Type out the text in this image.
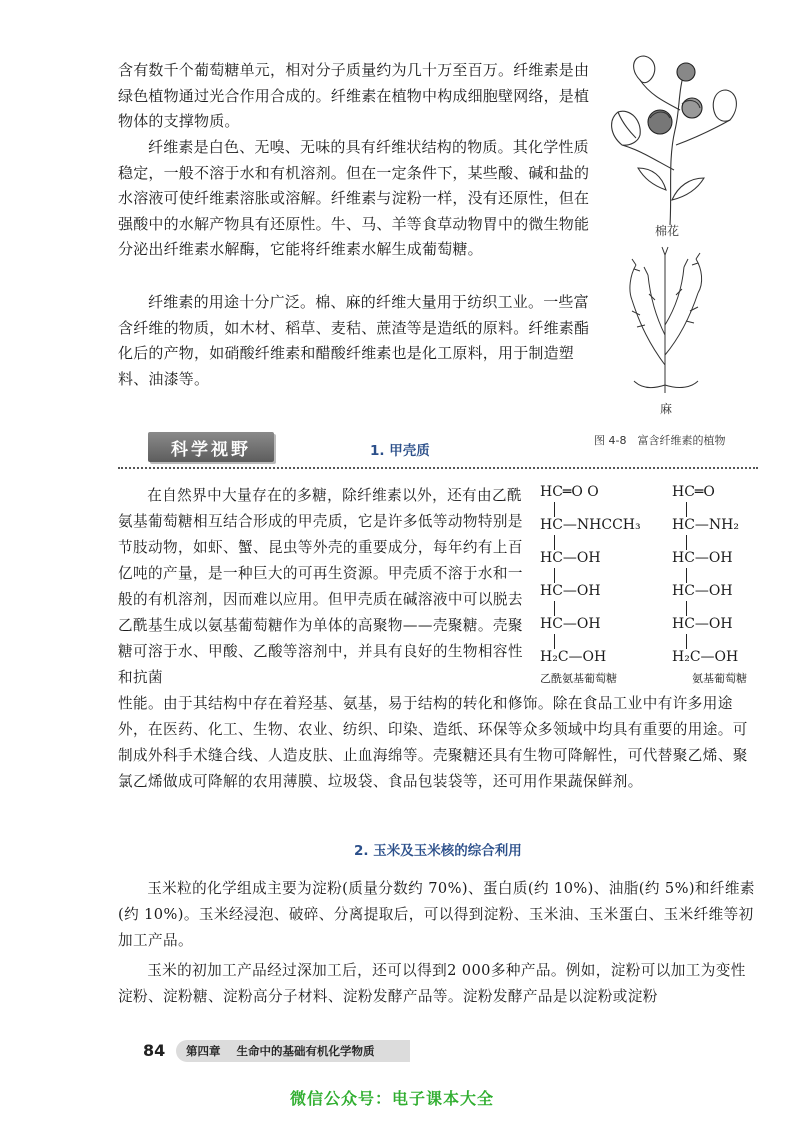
含有数千个葡萄糖单元，相对分子质量约为几十万至百万。纤维素是由绿色植物通过光合作用合成的。纤维素在植物中构成细胞壁网络，是植物体的支撑物质。
纤维素是白色、无嗅、无味的具有纤维状结构的物质。其化学性质稳定，一般不溶于水和有机溶剂。但在一定条件下，某些酸、碱和盐的水溶液可使纤维素溶胀或溶解。纤维素与淀粉一样，没有还原性，但在强酸中的水解产物具有还原性。牛、马、羊等食草动物胃中的微生物能分泌出纤维素水解酶，它能将纤维素水解生成葡萄糖。
纤维素的用途十分广泛。棉、麻的纤维大量用于纺织工业。一些富含纤维的物质，如木材、稻草、麦秸、蔗渣等是造纸的原料。纤维素酯化后的产物，如硝酸纤维素和醋酸纤维素也是化工原料，用于制造塑料、油漆等。
棉花
麻
图 4-8　富含纤维素的植物
科学视野	1. 甲壳质
在自然界中大量存在的多糖，除纤维素以外，还有由乙酰氨基葡萄糖相互结合形成的甲壳质，它是许多低等动物特别是节肢动物，如虾、蟹、昆虫等外壳的重要成分，每年约有上百亿吨的产量，是一种巨大的可再生资源。甲壳质不溶于水和一般的有机溶剂，因而难以应用。但甲壳质在碱溶液中可以脱去乙酰基生成以氨基葡萄糖作为单体的高聚物——壳聚糖。壳聚糖可溶于水、甲酸、乙酸等溶剂中，并具有良好的生物相容性和抗菌
HC═O O
HC—NHCCH₃
HC—OH
HC—OH
HC—OH
H₂C—OH
乙酰氨基葡萄糖
HC═O
HC—NH₂
HC—OH
HC—OH
HC—OH
H₂C—OH
氨基葡萄糖
性能。由于其结构中存在着羟基、氨基，易于结构的转化和修饰。除在食品工业中有许多用途外，在医药、化工、生物、农业、纺织、印染、造纸、环保等众多领域中均具有重要的用途。可制成外科手术缝合线、人造皮肤、止血海绵等。壳聚糖还具有生物可降解性，可代替聚乙烯、聚氯乙烯做成可降解的农用薄膜、垃圾袋、食品包装袋等，还可用作果蔬保鲜剂。
2. 玉米及玉米核的综合利用
玉米粒的化学组成主要为淀粉(质量分数约 70%)、蛋白质(约 10%)、油脂(约 5%)和纤维素(约 10%)。玉米经浸泡、破碎、分离提取后，可以得到淀粉、玉米油、玉米蛋白、玉米纤维等初加工产品。
玉米的初加工产品经过深加工后，还可以得到2 000多种产品。例如，淀粉可以加工为变性淀粉、淀粉糖、淀粉高分子材料、淀粉发酵产品等。淀粉发酵产品是以淀粉或淀粉
84 第四章 生命中的基础有机化学物质
微信公众号：电子课本大全
